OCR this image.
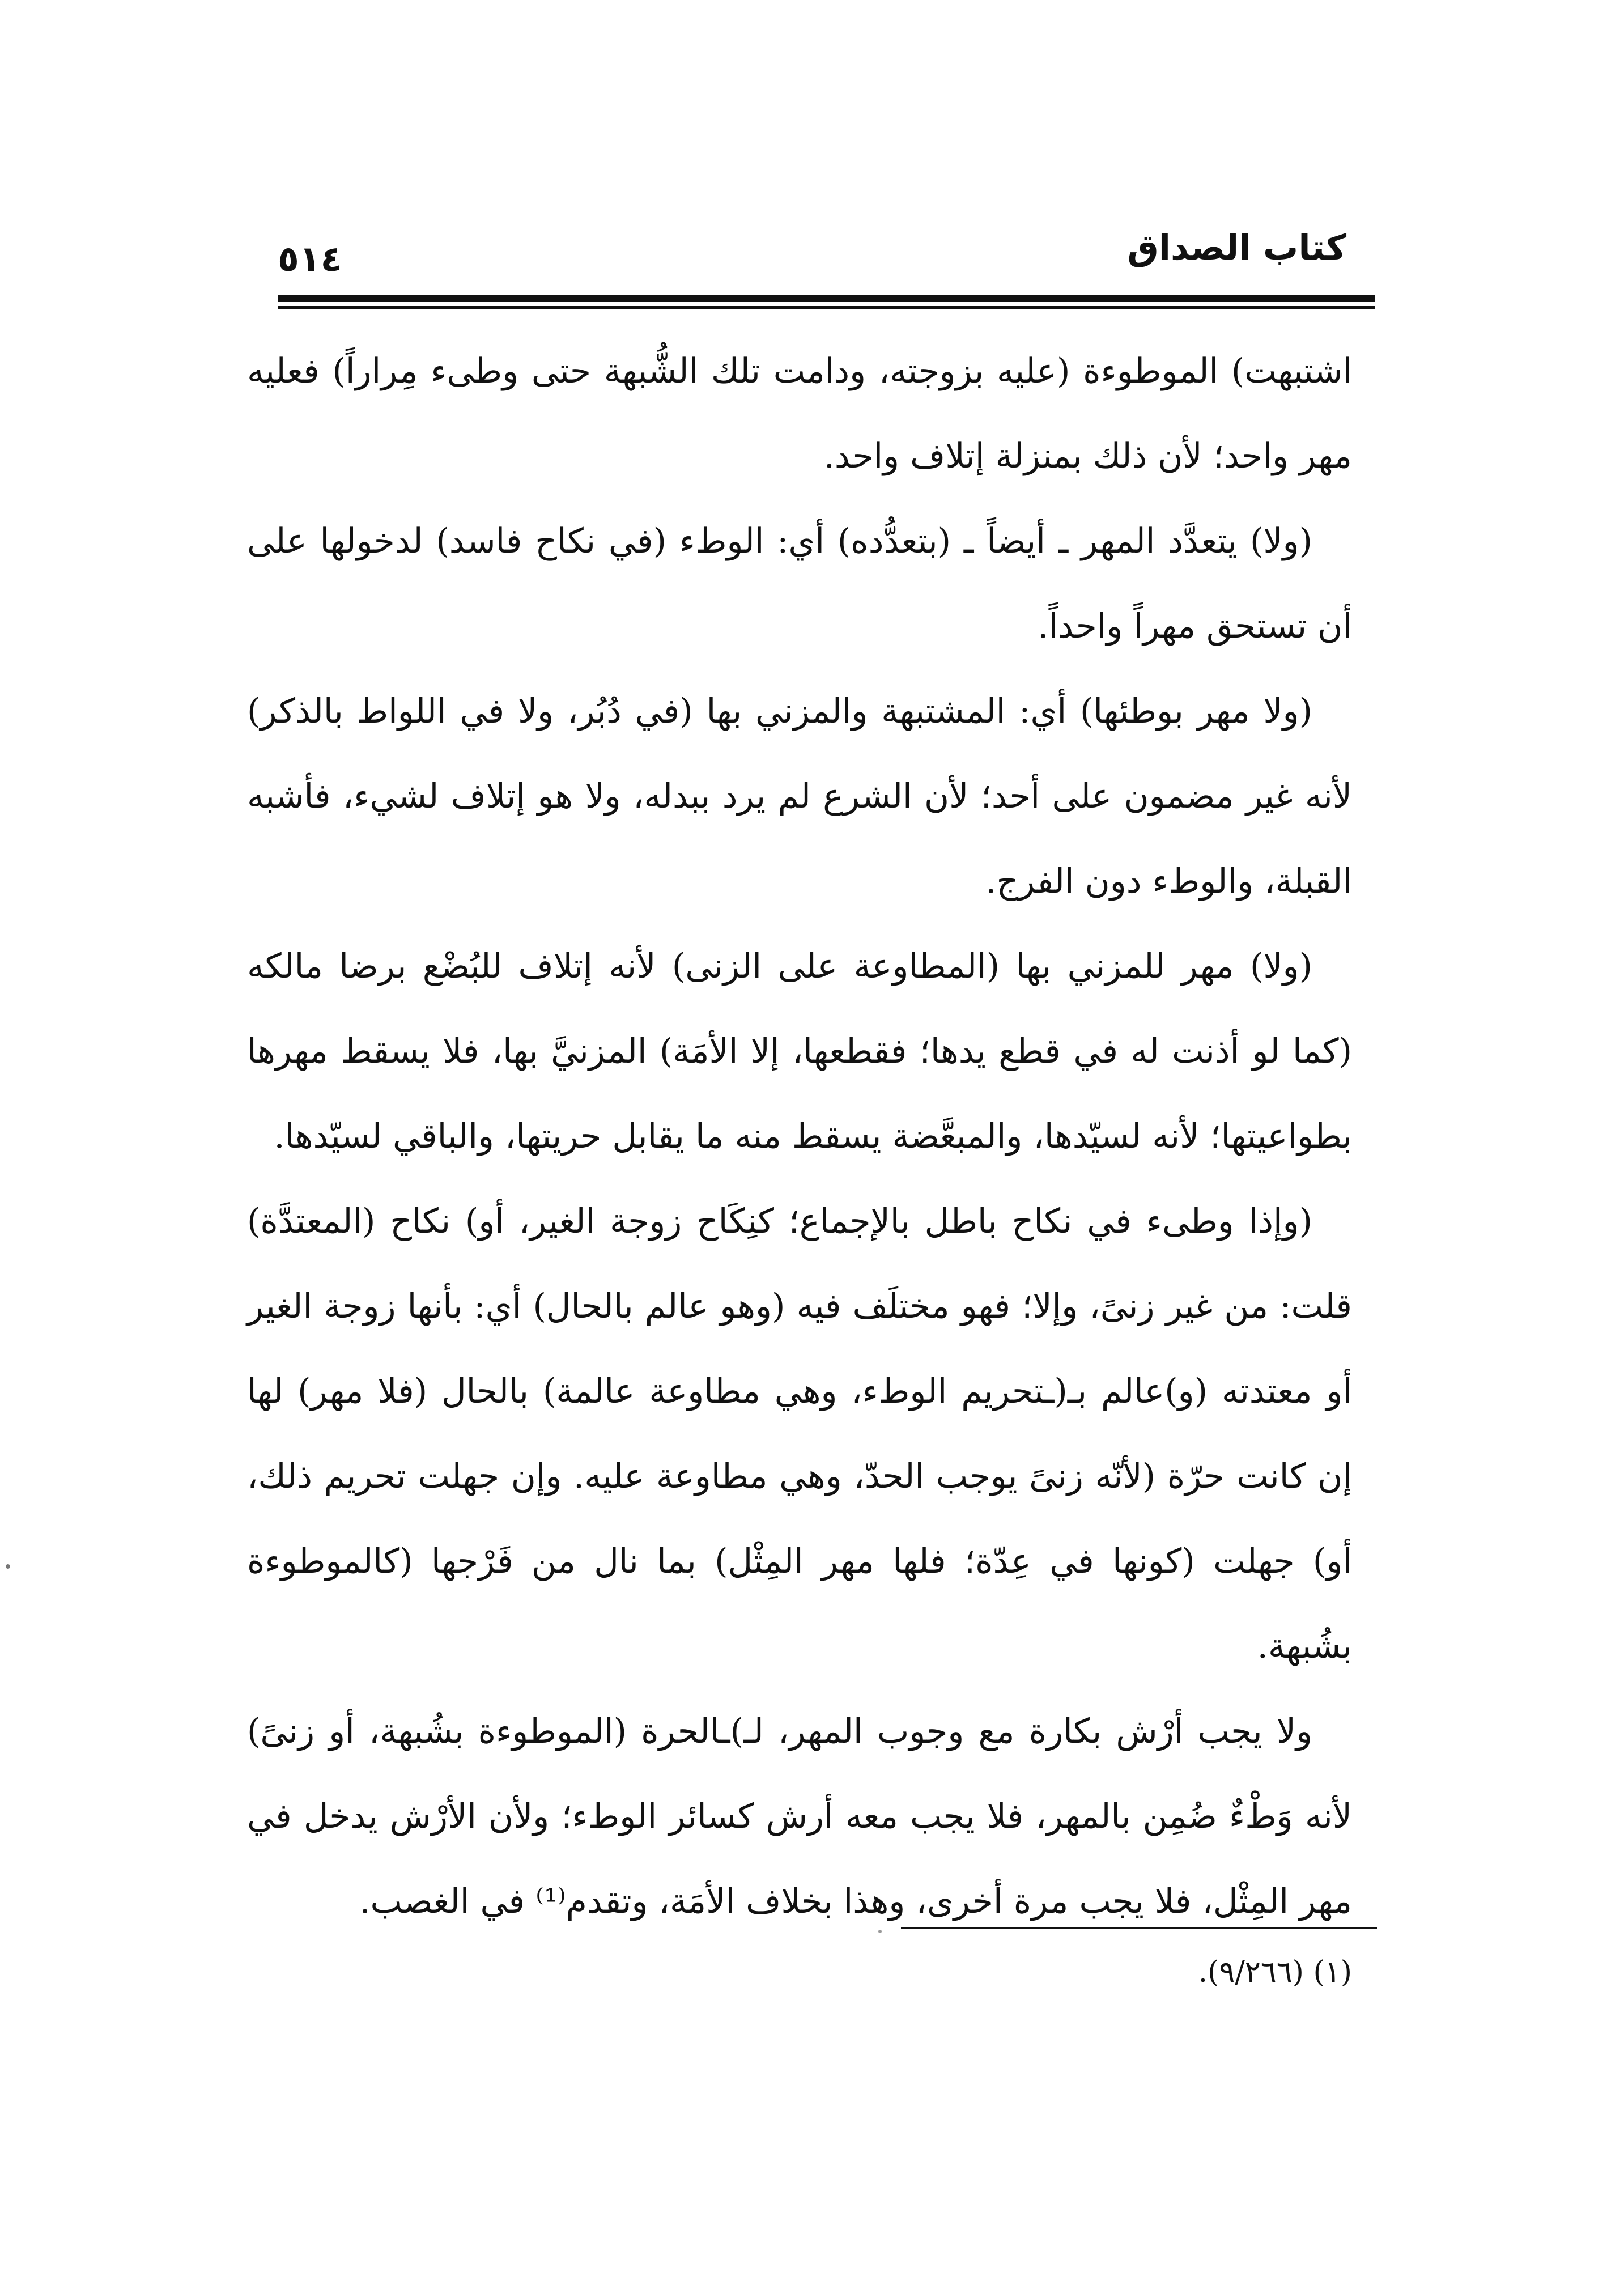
كتاب الصداق
٥١٤

اشتبهت) الموطوءة (عليه بزوجته، ودامت تلك الشُّبهة حتى وطىء مِراراً) فعليه مهر واحد؛ لأن ذلك بمنزلة إتلاف واحد.

(ولا) يتعدَّد المهر ـ أيضاً ـ (بتعدُّده) أي: الوطء (في نكاح فاسد) لدخولها على أن تستحق مهراً واحداً.

(ولا مهر بوطئها) أي: المشتبهة والمزني بها (في دُبُر، ولا في اللواط بالذكر) لأنه غير مضمون على أحد؛ لأن الشرع لم يرد ببدله، ولا هو إتلاف لشيء، فأشبه القبلة، والوطء دون الفرج.

(ولا) مهر للمزني بها (المطاوعة على الزنى) لأنه إتلاف للبُضْع برضا مالكه (كما لو أذنت له في قطع يدها؛ فقطعها، إلا الأمَة) المزنيَّ بها، فلا يسقط مهرها بطواعيتها؛ لأنه لسيّدها، والمبعَّضة يسقط منه ما يقابل حريتها، والباقي لسيّدها.

(وإذا وطىء في نكاح باطل بالإجماع؛ كنِكَاح زوجة الغير، أو) نكاح (المعتدَّة) قلت: من غير زنىً، وإلا؛ فهو مختلَف فيه (وهو عالم بالحال) أي: بأنها زوجة الغير أو معتدته (و)عالم بـ(ـتحريم الوطء، وهي مطاوعة عالمة) بالحال (فلا مهر) لها إن كانت حرّة (لأنّه زنىً يوجب الحدّ، وهي مطاوعة عليه. وإن جهلت تحريم ذلك، أو) جهلت (كونها في عِدّة؛ فلها مهر المِثْل) بما نال من فَرْجها (كالموطوءة بشُبهة.

ولا يجب أرْش بكارة مع وجوب المهر، لـ)ـالحرة (الموطوءة بشُبهة، أو زنىً) لأنه وَطْءٌ ضُمِن بالمهر، فلا يجب معه أرش كسائر الوطء؛ ولأن الأرْش يدخل في مهر المِثْل، فلا يجب مرة أخرى، وهذا بخلاف الأمَة، وتقدم⁽¹⁾ في الغصب.

(١) (٩/٢٦٦).
